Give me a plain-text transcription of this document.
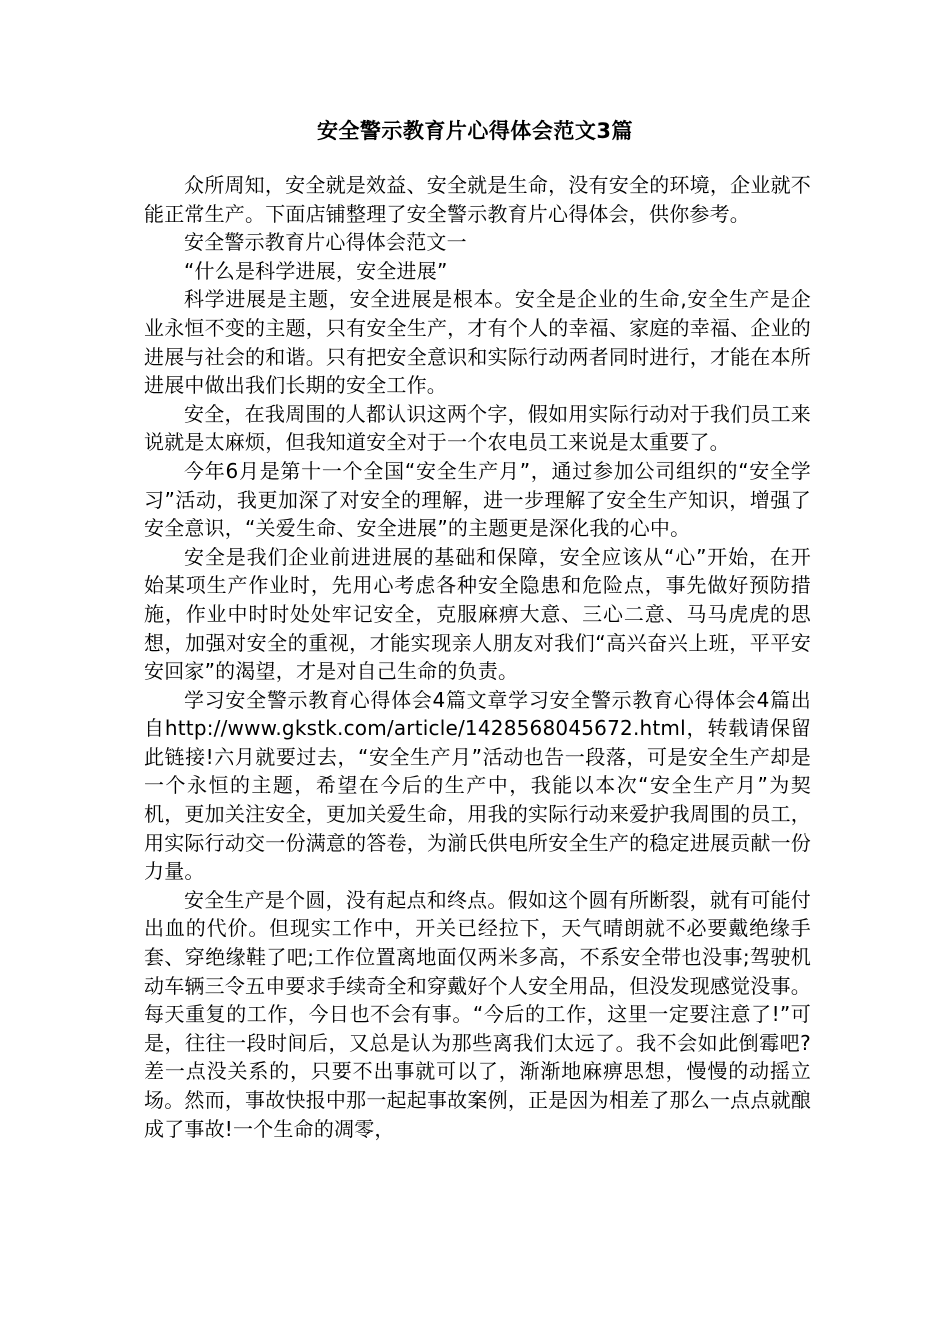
安全警示教育片心得体会范文3篇

众所周知，安全就是效益、安全就是生命，没有安全的环境，企业就不能正常生产。下面店铺整理了安全警示教育片心得体会，供你参考。

安全警示教育片心得体会范文一

“什么是科学进展，安全进展”

科学进展是主题，安全进展是根本。安全是企业的生命,安全生产是企业永恒不变的主题，只有安全生产，才有个人的幸福、家庭的幸福、企业的进展与社会的和谐。只有把安全意识和实际行动两者同时进行，才能在本所进展中做出我们长期的安全工作。

安全，在我周围的人都认识这两个字，假如用实际行动对于我们员工来说就是太麻烦，但我知道安全对于一个农电员工来说是太重要了。

今年6月是第十一个全国“安全生产月”，通过参加公司组织的“安全学习”活动，我更加深了对安全的理解，进一步理解了安全生产知识，增强了安全意识，“关爱生命、安全进展”的主题更是深化我的心中。

安全是我们企业前进进展的基础和保障，安全应该从“心”开始，在开始某项生产作业时，先用心考虑各种安全隐患和危险点，事先做好预防措施，作业中时时处处牢记安全，克服麻痹大意、三心二意、马马虎虎的思想，加强对安全的重视，才能实现亲人朋友对我们“高兴奋兴上班，平平安安回家”的渴望，才是对自己生命的负责。

学习安全警示教育心得体会4篇文章学习安全警示教育心得体会4篇出自http://www.gkstk.com/article/1428568045672.html，转载请保留此链接!六月就要过去，“安全生产月”活动也告一段落，可是安全生产却是一个永恒的主题，希望在今后的生产中，我能以本次“安全生产月”为契机，更加关注安全，更加关爱生命，用我的实际行动来爱护我周围的员工，用实际行动交一份满意的答卷，为湔氏供电所安全生产的稳定进展贡献一份力量。

安全生产是个圆，没有起点和终点。假如这个圆有所断裂，就有可能付出血的代价。但现实工作中，开关已经拉下，天气晴朗就不必要戴绝缘手套、穿绝缘鞋了吧;工作位置离地面仅两米多高，不系安全带也没事;驾驶机动车辆三令五申要求手续奇全和穿戴好个人安全用品，但没发现感觉没事。每天重复的工作，今日也不会有事。“今后的工作，这里一定要注意了!”可是，往往一段时间后，又总是认为那些离我们太远了。我不会如此倒霉吧?差一点没关系的，只要不出事就可以了，渐渐地麻痹思想，慢慢的动摇立场。然而，事故快报中那一起起事故案例，正是因为相差了那么一点点就酿成了事故!一个生命的凋零，
